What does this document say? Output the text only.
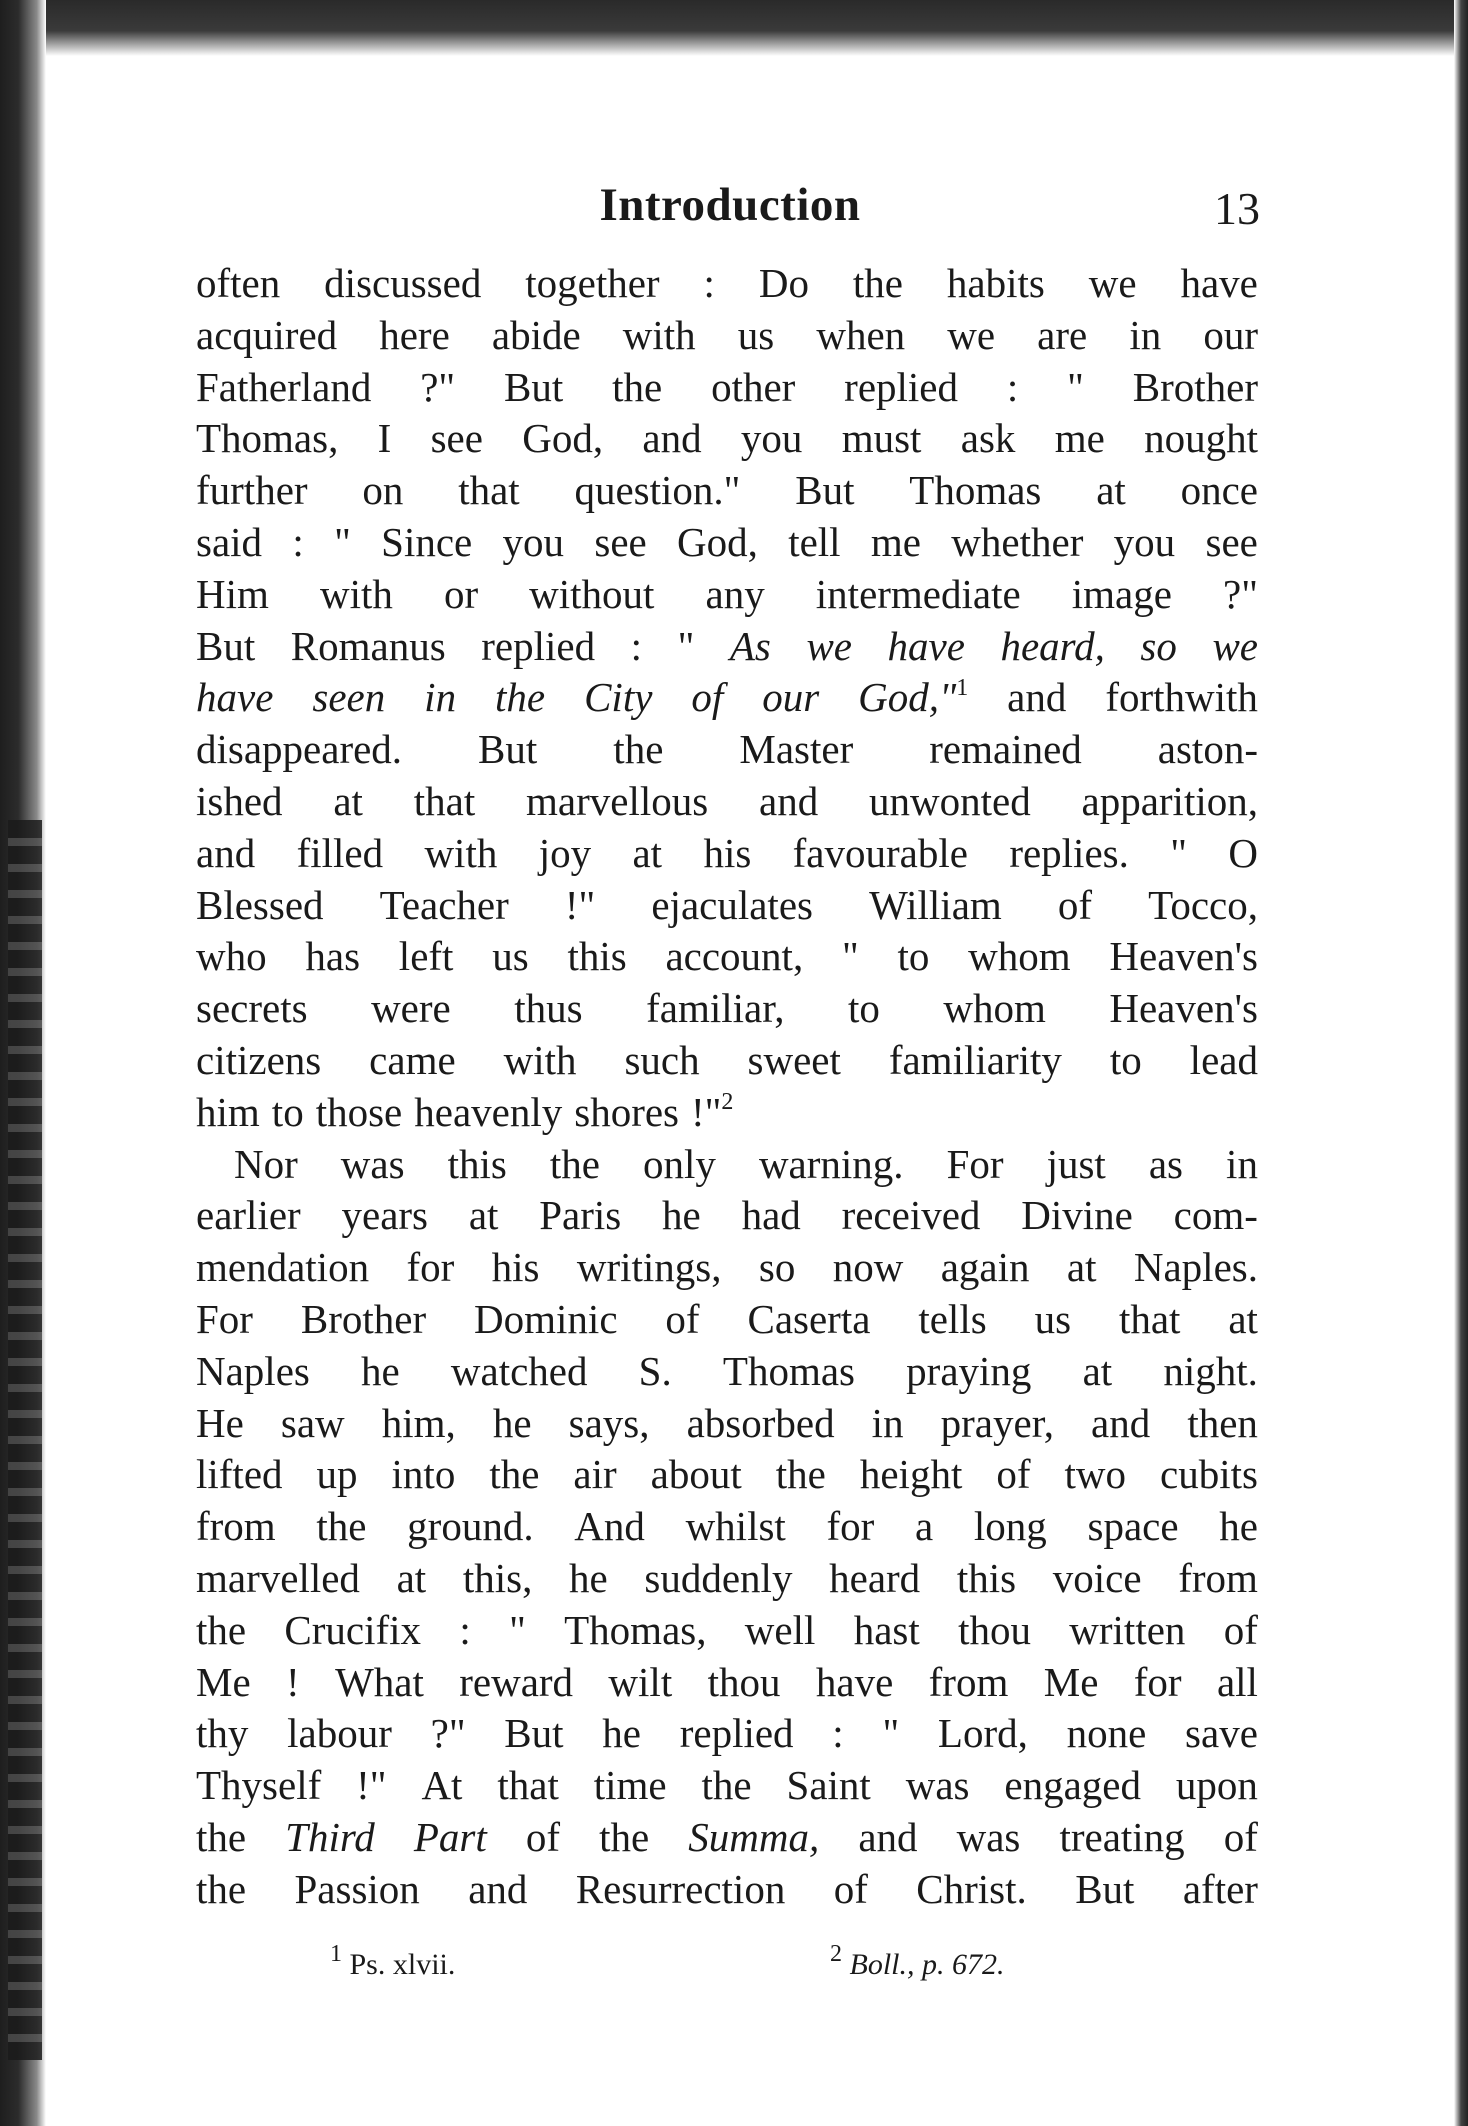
Introduction	13
often discussed together : Do the habits we have
acquired here abide with us when we are in our
Fatherland ?" But the other replied : " Brother
Thomas, I see God, and you must ask me nought
further on that question." But Thomas at once
said : " Since you see God, tell me whether you see
Him with or without any intermediate image ?"
But Romanus replied : " As we have heard, so we
have seen in the City of our God,"$^1$ and forthwith
disappeared. But the Master remained aston-
ished at that marvellous and unwonted apparition,
and filled with joy at his favourable replies. " O
Blessed Teacher !" ejaculates William of Tocco,
who has left us this account, " to whom Heaven's
secrets were thus familiar, to whom Heaven's
citizens came with such sweet familiarity to lead
him to those heavenly shores !"$^2$
Nor was this the only warning. For just as in
earlier years at Paris he had received Divine com-
mendation for his writings, so now again at Naples.
For Brother Dominic of Caserta tells us that at
Naples he watched S. Thomas praying at night.
He saw him, he says, absorbed in prayer, and then
lifted up into the air about the height of two cubits
from the ground. And whilst for a long space he
marvelled at this, he suddenly heard this voice from
the Crucifix : " Thomas, well hast thou written of
Me ! What reward wilt thou have from Me for all
thy labour ?" But he replied : " Lord, none save
Thyself !" At that time the Saint was engaged upon
the Third Part of the Summa, and was treating of
the Passion and Resurrection of Christ. But after
$^1$ Ps. xlvii.	$^2$ Boll., p. 672.
